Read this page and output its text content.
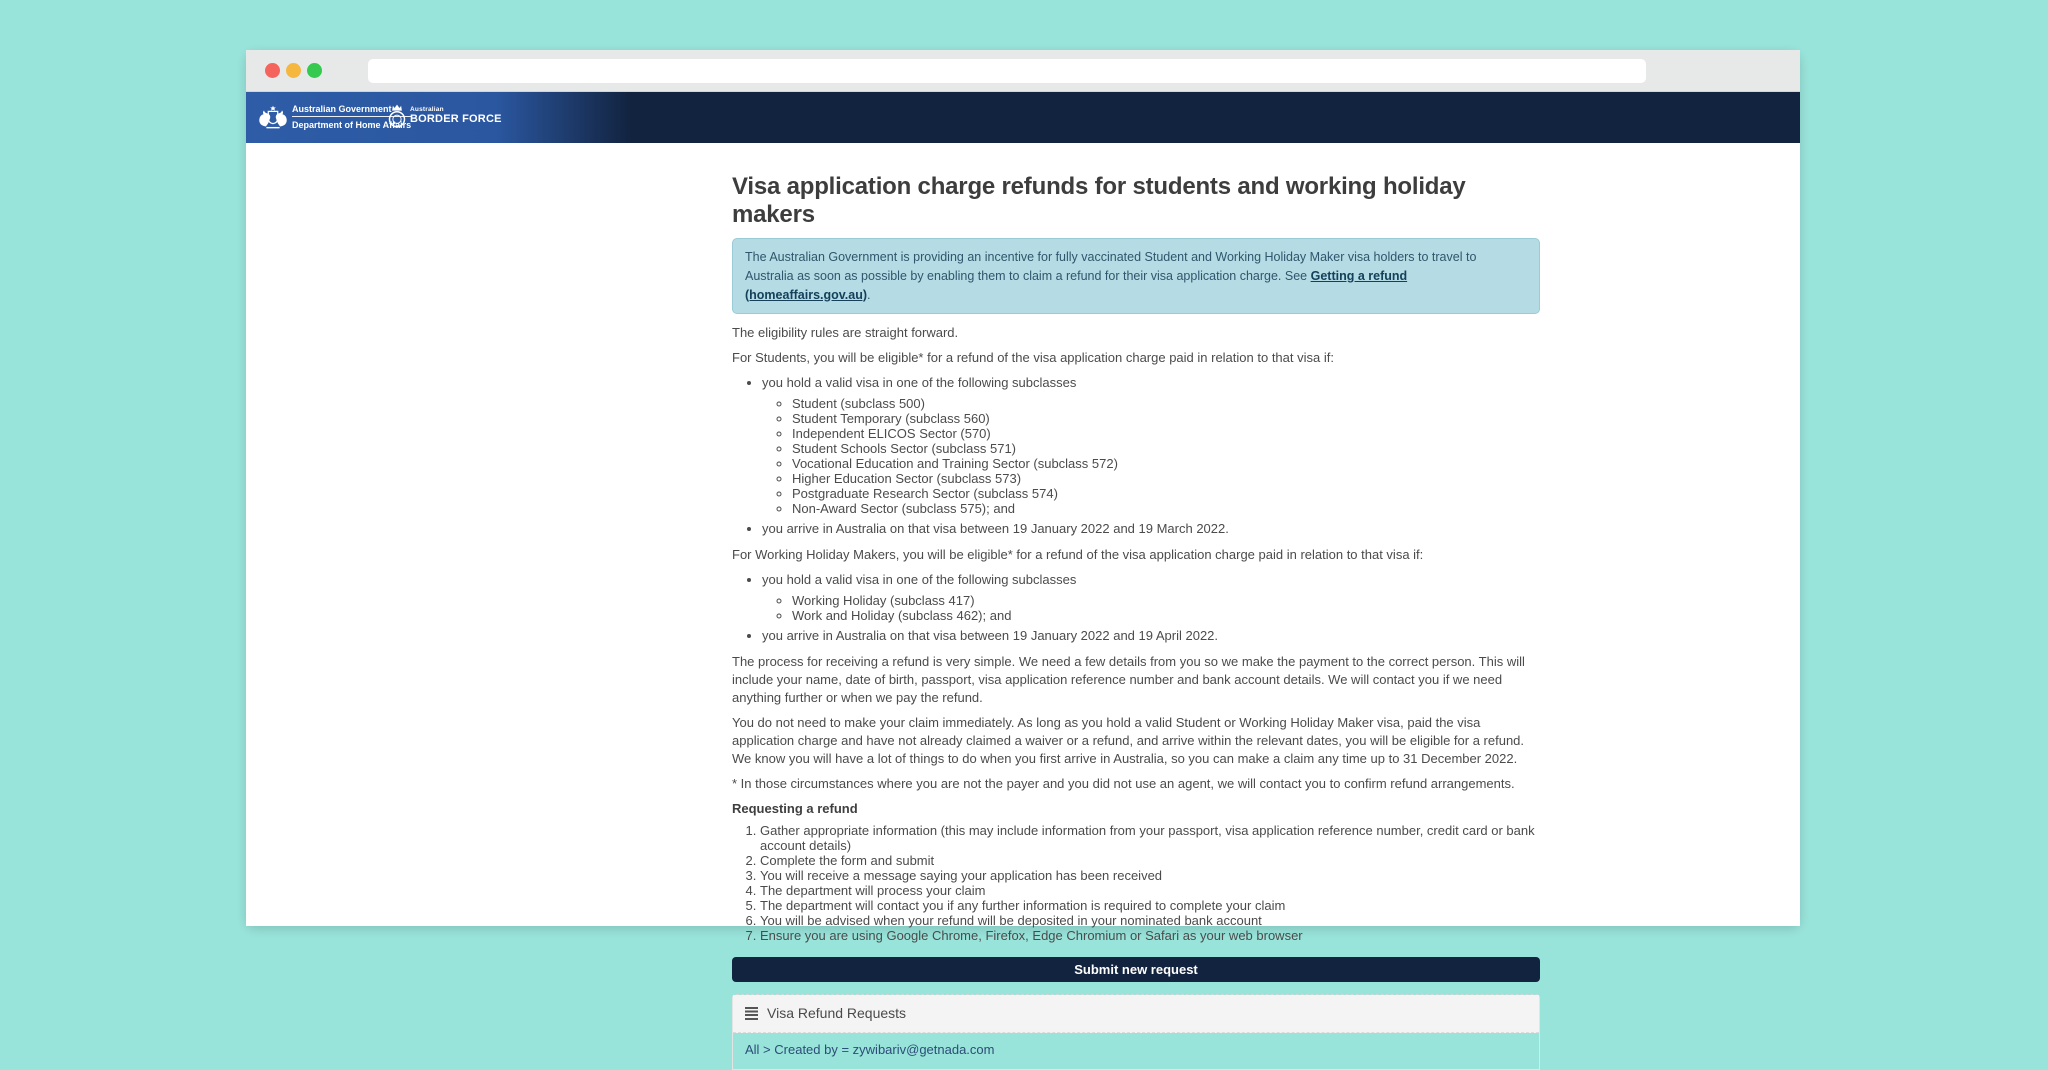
Australian Government
Department of Home Affairs
Australian
BORDER FORCE
Visa application charge refunds for students and working holiday makers
The Australian Government is providing an incentive for fully vaccinated Student and Working Holiday Maker visa holders to travel to Australia as soon as possible by enabling them to claim a refund for their visa application charge. See Getting a refund (homeaffairs.gov.au).

The eligibility rules are straight forward.

For Students, you will be eligible* for a refund of the visa application charge paid in relation to that visa if:

• you hold a valid visa in one of the following subclasses
◦ Student (subclass 500)
◦ Student Temporary (subclass 560)
◦ Independent ELICOS Sector (570)
◦ Student Schools Sector (subclass 571)
◦ Vocational Education and Training Sector (subclass 572)
◦ Higher Education Sector (subclass 573)
◦ Postgraduate Research Sector (subclass 574)
◦ Non-Award Sector (subclass 575); and
• you arrive in Australia on that visa between 19 January 2022 and 19 March 2022.

For Working Holiday Makers, you will be eligible* for a refund of the visa application charge paid in relation to that visa if:

• you hold a valid visa in one of the following subclasses
◦ Working Holiday (subclass 417)
◦ Work and Holiday (subclass 462); and
• you arrive in Australia on that visa between 19 January 2022 and 19 April 2022.

The process for receiving a refund is very simple. We need a few details from you so we make the payment to the correct person. This will include your name, date of birth, passport, visa application reference number and bank account details. We will contact you if we need anything further or when we pay the refund.

You do not need to make your claim immediately. As long as you hold a valid Student or Working Holiday Maker visa, paid the visa application charge and have not already claimed a waiver or a refund, and arrive within the relevant dates, you will be eligible for a refund. We know you will have a lot of things to do when you first arrive in Australia, so you can make a claim any time up to 31 December 2022.

* In those circumstances where you are not the payer and you did not use an agent, we will contact you to confirm refund arrangements.

Requesting a refund
1. Gather appropriate information (this may include information from your passport, visa application reference number, credit card or bank account details)
2. Complete the form and submit
3. You will receive a message saying your application has been received
4. The department will process your claim
5. The department will contact you if any further information is required to complete your claim
6. You will be advised when your refund will be deposited in your nominated bank account
7. Ensure you are using Google Chrome, Firefox, Edge Chromium or Safari as your web browser
Submit new request
Visa Refund Requests
All > Created by = zywibariv@getnada.com
